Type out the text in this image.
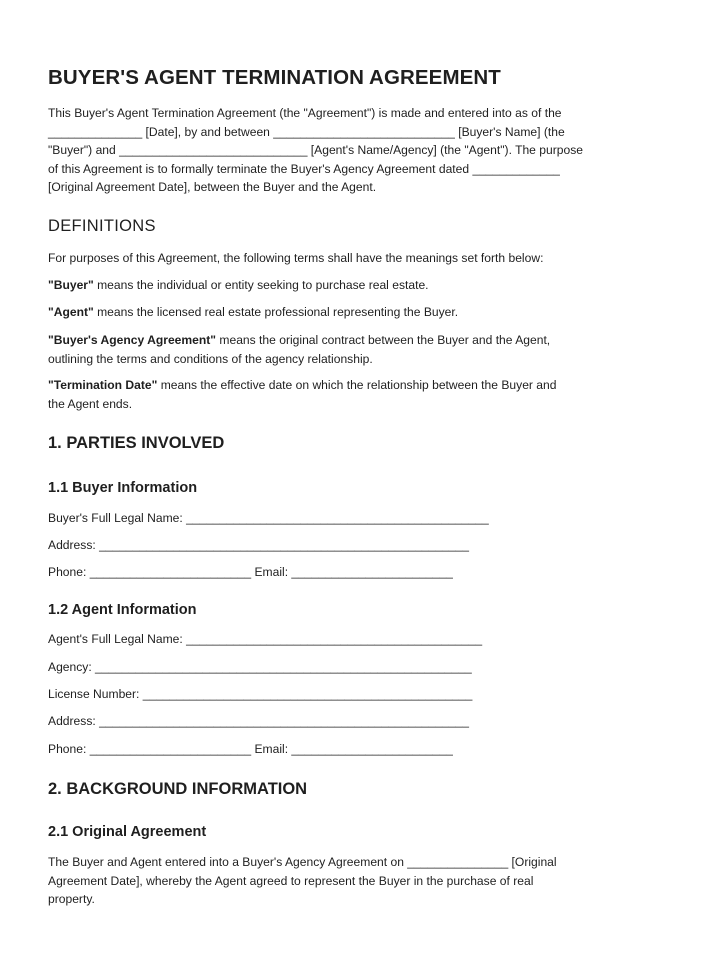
BUYER'S AGENT TERMINATION AGREEMENT
This Buyer's Agent Termination Agreement (the "Agreement") is made and entered into as of the
______________ [Date], by and between ___________________________ [Buyer's Name] (the
"Buyer") and ____________________________ [Agent's Name/Agency] (the "Agent"). The purpose
of this Agreement is to formally terminate the Buyer's Agency Agreement dated _____________
[Original Agreement Date], between the Buyer and the Agent.
DEFINITIONS
For purposes of this Agreement, the following terms shall have the meanings set forth below:
"Buyer" means the individual or entity seeking to purchase real estate.
"Agent" means the licensed real estate professional representing the Buyer.
"Buyer's Agency Agreement" means the original contract between the Buyer and the Agent,
outlining the terms and conditions of the agency relationship.
"Termination Date" means the effective date on which the relationship between the Buyer and
the Agent ends.
1. PARTIES INVOLVED
1.1 Buyer Information
Buyer's Full Legal Name: _____________________________________________
Address: _______________________________________________________
Phone: ________________________ Email: ________________________
1.2 Agent Information
Agent's Full Legal Name: ____________________________________________
Agency: ________________________________________________________
License Number: _________________________________________________
Address: _______________________________________________________
Phone: ________________________ Email: ________________________
2. BACKGROUND INFORMATION
2.1 Original Agreement
The Buyer and Agent entered into a Buyer's Agency Agreement on _______________ [Original
Agreement Date], whereby the Agent agreed to represent the Buyer in the purchase of real
property.
